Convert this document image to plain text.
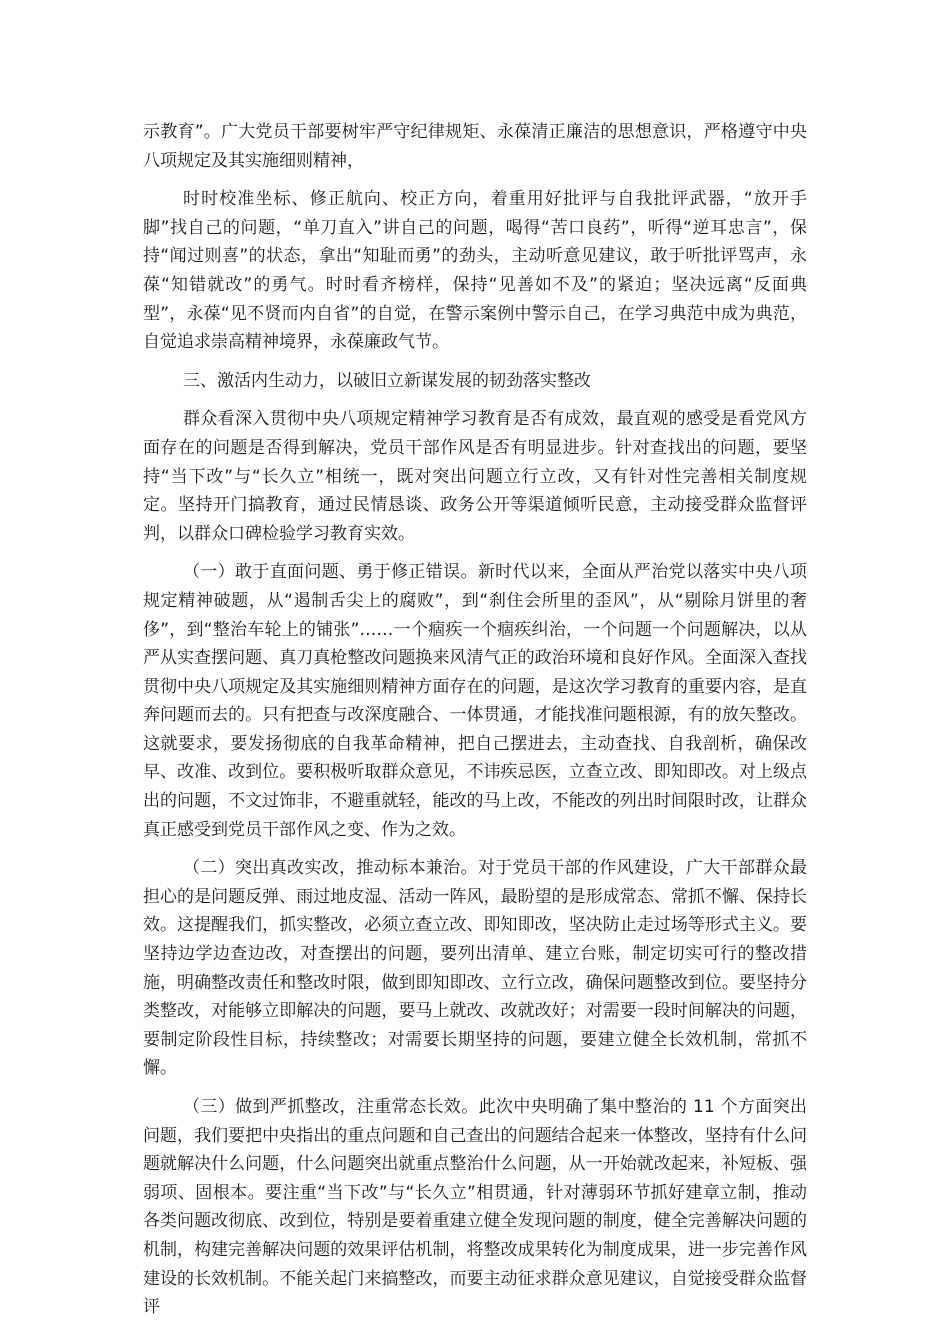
示教育”。广大党员干部要树牢严守纪律规矩、永葆清正廉洁的思想意识，严格遵守中央八项规定及其实施细则精神，

时时校准坐标、修正航向、校正方向，着重用好批评与自我批评武器，“放开手脚”找自己的问题，“单刀直入”讲自己的问题，喝得“苦口良药”，听得“逆耳忠言”，保持“闻过则喜”的状态，拿出“知耻而勇”的劲头，主动听意见建议，敢于听批评骂声，永葆“知错就改”的勇气。时时看齐榜样，保持“见善如不及”的紧迫；坚决远离“反面典型”，永葆“见不贤而内自省”的自觉，在警示案例中警示自己，在学习典范中成为典范，自觉追求崇高精神境界，永葆廉政气节。

三、激活内生动力，以破旧立新谋发展的韧劲落实整改

群众看深入贯彻中央八项规定精神学习教育是否有成效，最直观的感受是看党风方面存在的问题是否得到解决，党员干部作风是否有明显进步。针对查找出的问题，要坚持“当下改”与“长久立”相统一，既对突出问题立行立改，又有针对性完善相关制度规定。坚持开门搞教育，通过民情恳谈、政务公开等渠道倾听民意，主动接受群众监督评判，以群众口碑检验学习教育实效。

（一）敢于直面问题、勇于修正错误。新时代以来，全面从严治党以落实中央八项规定精神破题，从“遏制舌尖上的腐败”，到“刹住会所里的歪风”，从“剔除月饼里的奢侈”，到“整治车轮上的铺张”……一个痼疾一个痼疾纠治，一个问题一个问题解决，以从严从实查摆问题、真刀真枪整改问题换来风清气正的政治环境和良好作风。全面深入查找贯彻中央八项规定及其实施细则精神方面存在的问题，是这次学习教育的重要内容，是直奔问题而去的。只有把查与改深度融合、一体贯通，才能找准问题根源，有的放矢整改。这就要求，要发扬彻底的自我革命精神，把自己摆进去，主动查找、自我剖析，确保改早、改准、改到位。要积极听取群众意见，不讳疾忌医，立查立改、即知即改。对上级点出的问题，不文过饰非，不避重就轻，能改的马上改，不能改的列出时间限时改，让群众真正感受到党员干部作风之变、作为之效。

（二）突出真改实改，推动标本兼治。对于党员干部的作风建设，广大干部群众最担心的是问题反弹、雨过地皮湿、活动一阵风，最盼望的是形成常态、常抓不懈、保持长效。这提醒我们，抓实整改，必须立查立改、即知即改，坚决防止走过场等形式主义。要坚持边学边查边改，对查摆出的问题，要列出清单、建立台账，制定切实可行的整改措施，明确整改责任和整改时限，做到即知即改、立行立改，确保问题整改到位。要坚持分类整改，对能够立即解决的问题，要马上就改、改就改好；对需要一段时间解决的问题，要制定阶段性目标，持续整改；对需要长期坚持的问题，要建立健全长效机制，常抓不懈。

（三）做到严抓整改，注重常态长效。此次中央明确了集中整治的 11 个方面突出问题，我们要把中央指出的重点问题和自己查出的问题结合起来一体整改，坚持有什么问题就解决什么问题，什么问题突出就重点整治什么问题，从一开始就改起来，补短板、强弱项、固根本。要注重“当下改”与“长久立”相贯通，针对薄弱环节抓好建章立制，推动各类问题改彻底、改到位，特别是要着重建立健全发现问题的制度，健全完善解决问题的机制，构建完善解决问题的效果评估机制，将整改成果转化为制度成果，进一步完善作风建设的长效机制。不能关起门来搞整改，而要主动征求群众意见建议，自觉接受群众监督评
